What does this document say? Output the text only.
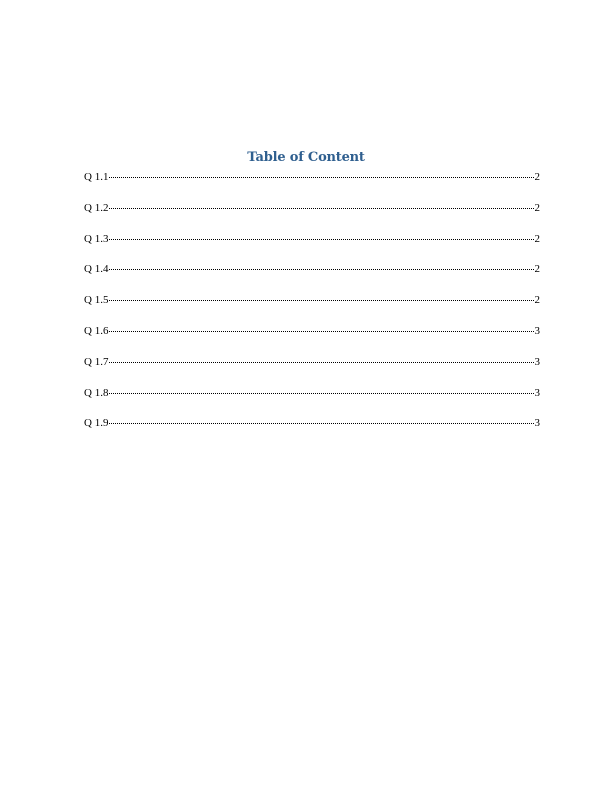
Table of Content
Q 1.1	2
Q 1.2	2
Q 1.3	2
Q 1.4	2
Q 1.5	2
Q 1.6	3
Q 1.7	3
Q 1.8	3
Q 1.9	3
